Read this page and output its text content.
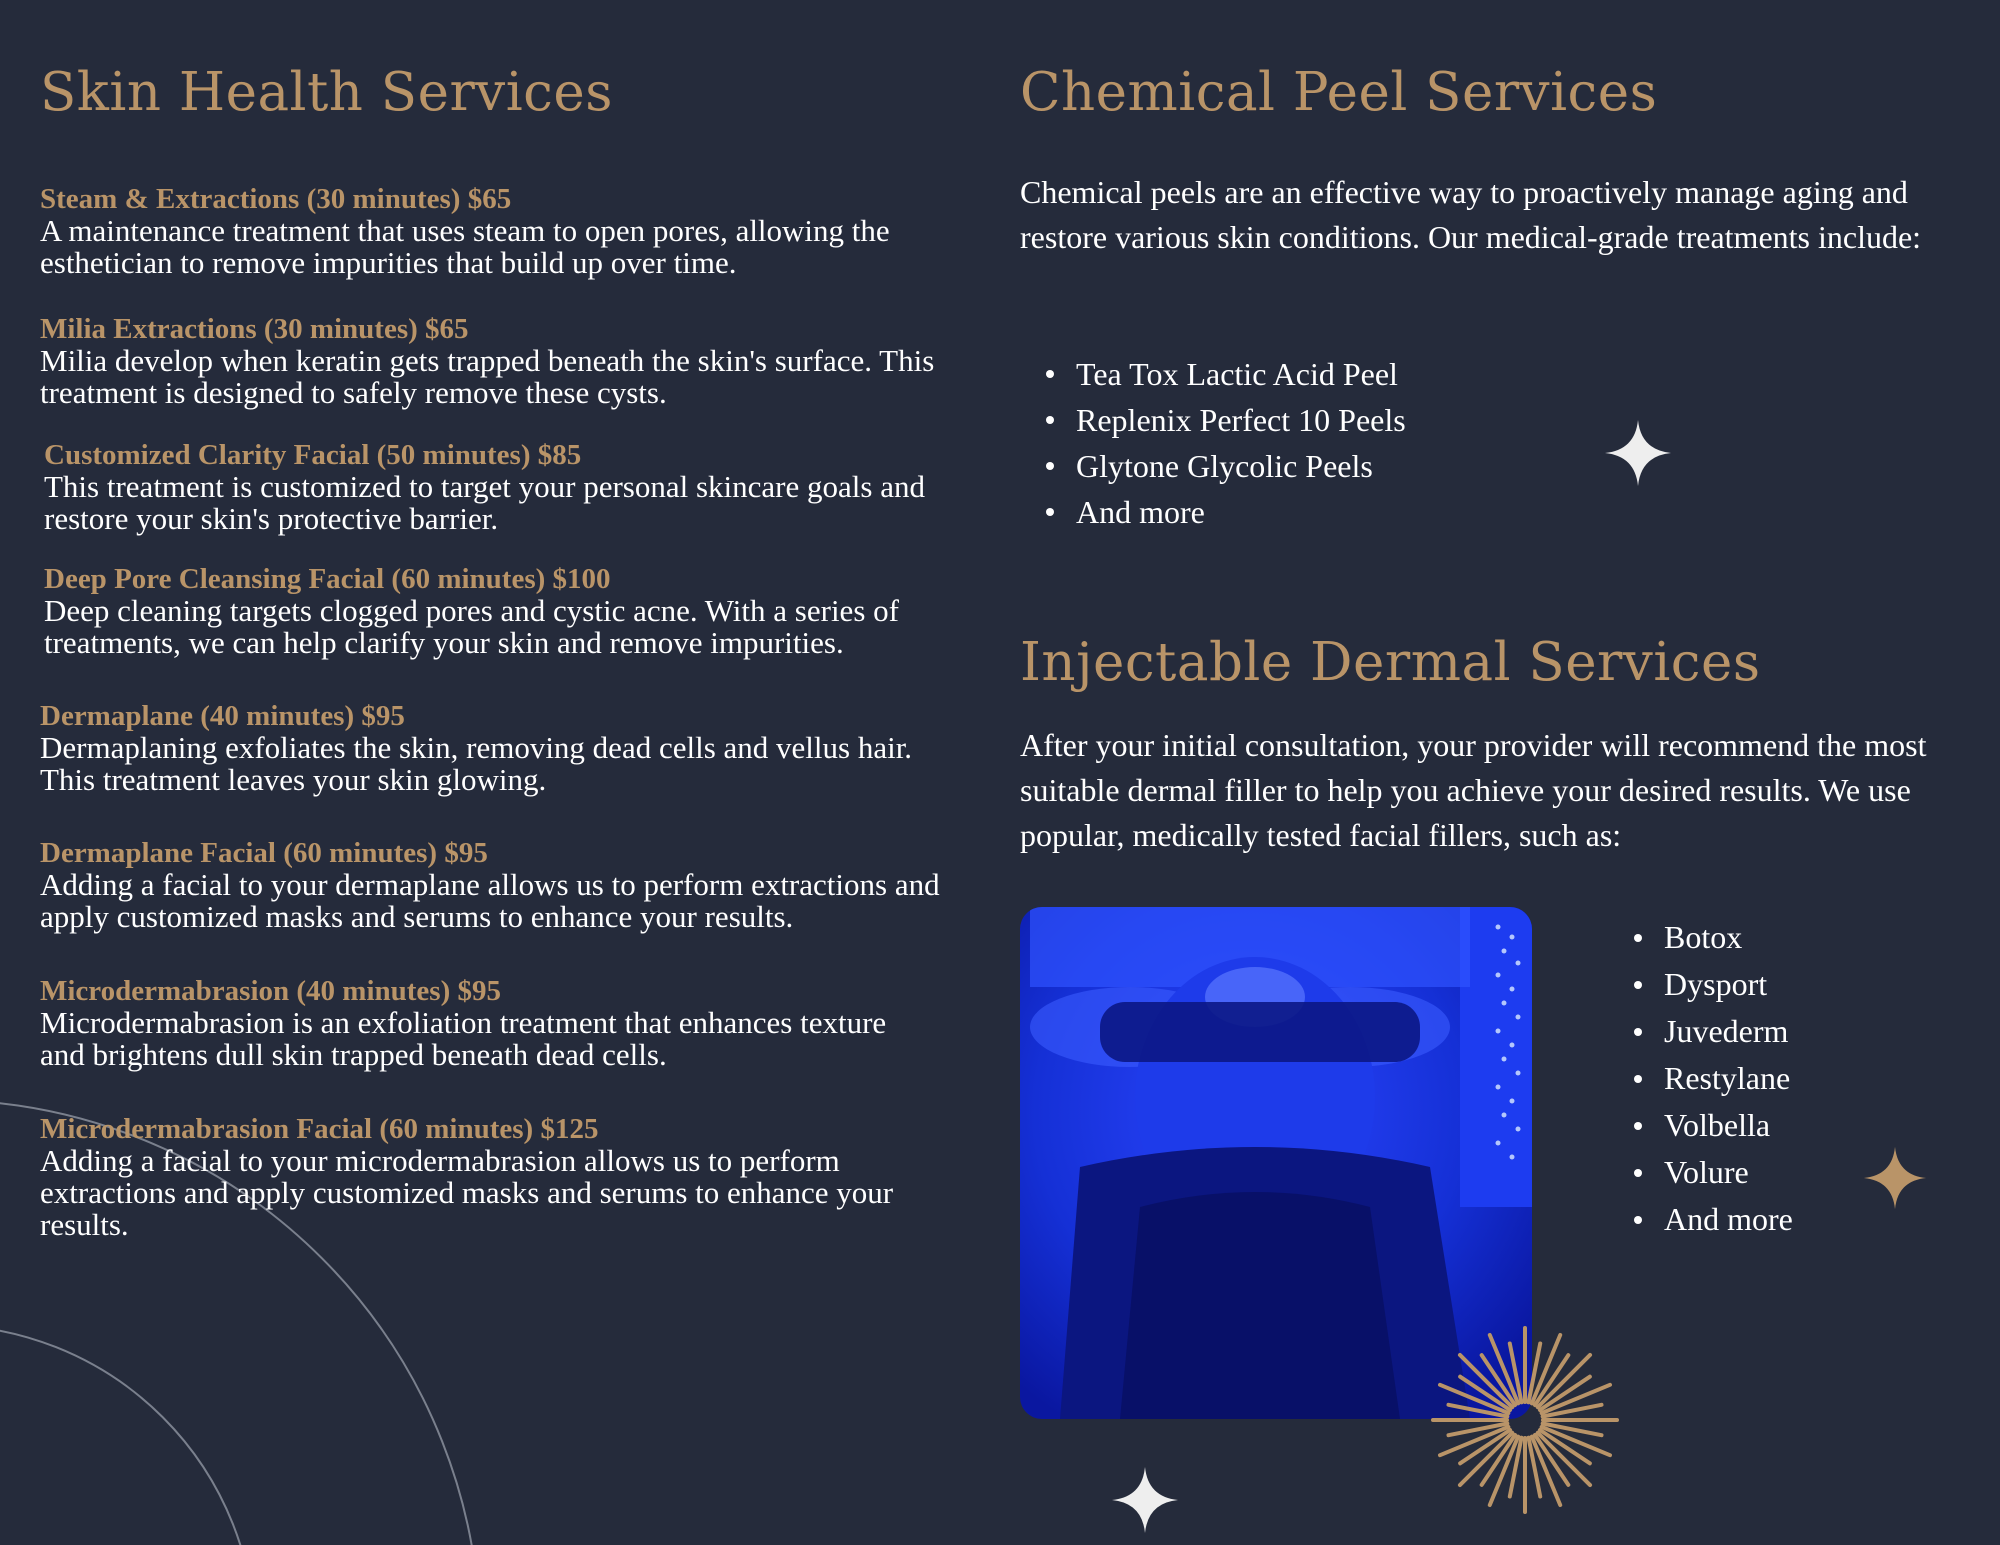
Skin Health Services
Steam & Extractions (30 minutes) $65
A maintenance treatment that uses steam to open pores, allowing the esthetician to remove impurities that build up over time.
Milia Extractions (30 minutes) $65
Milia develop when keratin gets trapped beneath the skin's surface. This treatment is designed to safely remove these cysts.
Customized Clarity Facial (50 minutes) $85
This treatment is customized to target your personal skincare goals and restore your skin's protective barrier.
Deep Pore Cleansing Facial (60 minutes) $100
Deep cleaning targets clogged pores and cystic acne. With a series of treatments, we can help clarify your skin and remove impurities.
Dermaplane (40 minutes) $95
Dermaplaning exfoliates the skin, removing dead cells and vellus hair. This treatment leaves your skin glowing.
Dermaplane Facial (60 minutes) $95
Adding a facial to your dermaplane allows us to perform extractions and apply customized masks and serums to enhance your results.
Microdermabrasion (40 minutes) $95
Microdermabrasion is an exfoliation treatment that enhances texture and brightens dull skin trapped beneath dead cells.
Microdermabrasion Facial (60 minutes) $125
Adding a facial to your microdermabrasion allows us to perform extractions and apply customized masks and serums to enhance your results.
Chemical Peel Services

Chemical peels are an effective way to proactively manage aging and restore various skin conditions. Our medical-grade treatments include:

Tea Tox Lactic Acid Peel
Replenix Perfect 10 Peels
Glytone Glycolic Peels
And more
Injectable Dermal Services

After your initial consultation, your provider will recommend the most suitable dermal filler to help you achieve your desired results. We use popular, medically tested facial fillers, such as:

Botox
Dysport
Juvederm
Restylane
Volbella
Volure
And more
